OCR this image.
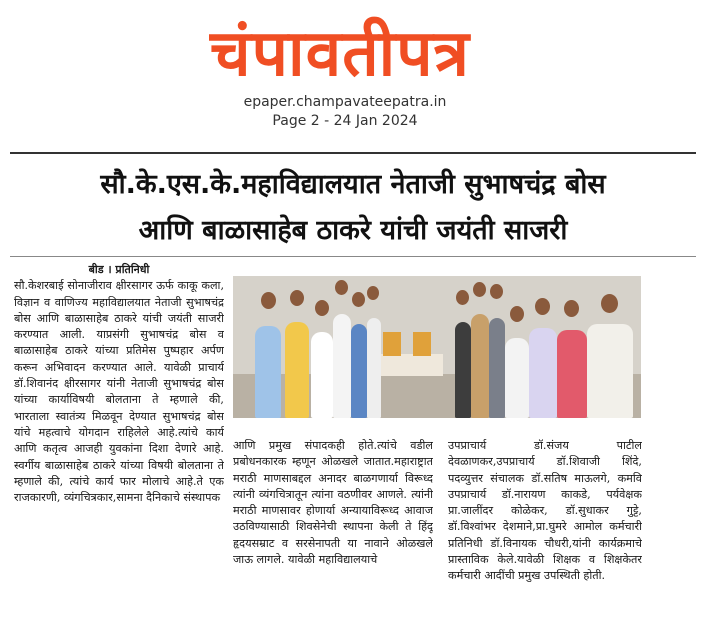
चंपावतीपत्र
epaper.champavateepatra.in
Page 2 - 24 Jan 2024
सौ.के.एस.के.महाविद्यालयात नेताजी सुभाषचंद्र बोस
आणि बाळासाहेब ठाकरे यांची जयंती साजरी
बीड । प्रतिनिधी
सौ.केशरबाई सोनाजीराव क्षीरसागर ऊर्फ काकू कला, विज्ञान व वाणिज्य महाविद्यालयात नेताजी सुभाषचंद्र बोस आणि बाळासाहेब ठाकरे यांची जयंती साजरी करण्यात आली. याप्रसंगी सुभाषचंद्र बोस व बाळासाहेब ठाकरे यांच्या प्रतिमेस पुष्पहार अर्पण करून अभिवादन करण्यात आले. यावेळी प्राचार्य डॉ.शिवानंद क्षीरसागर यांनी नेताजी सुभाषचंद्र बोस यांच्या कार्याविषयी बोलताना ते म्हणाले की, भारताला स्वातंत्र्य मिळवून देण्यात सुभाषचंद्र बोस यांचे महत्वाचे योगदान राहिलेले आहे.त्यांचे कार्य आणि कतृत्व आजही युवकांना दिशा देणारे आहे. स्वर्गीय बाळासाहेब ठाकरे यांच्या विषयी बोलताना ते म्हणाले की, त्यांचे कार्य फार मोलाचे आहे.ते एक राजकारणी, व्यंगचित्रकार,सामना दैनिकाचे संस्थापक
आणि प्रमुख संपादकही होते.त्यांचे वडील प्रबोधनकारक म्हणून ओळखले जातात.महाराष्ट्रात मराठी माणसाबद्दल अनादर बाळगणार्या विरूध्द त्यांनी व्यंगचित्रातून त्यांना वठणीवर आणले. त्यांनी मराठी माणसावर होणार्या अन्यायाविरूध्द आवाज उठविण्यासाठी शिवसेनेची स्थापना केली ते हिंदू हृदयसम्राट व सरसेनापती या नावाने ओळखले जाऊ लागले. यावेळी महाविद्यालयाचे
उपप्राचार्य डॉ.संजय पाटील देवळाणकर,उपप्राचार्य डॉ.शिवाजी शिंदे, पदव्युत्तर संचालक डॉ.सतिष माऊलगे, कमवि उपप्राचार्य डॉ.नारायण काकडे, पर्यवेक्षक प्रा.जालींदर कोळेकर, डॉ.सुधाकर गुट्टे, डॉ.विश्वांभर देशमाने,प्रा.घुमरे आमोल कर्मचारी प्रतिनिधी डॉ.विनायक चौधरी,यांनी कार्यक्रमाचे प्रास्ताविक केले.यावेळी शिक्षक व शिक्षकेतर कर्मचारी आदींची प्रमुख उपस्थिती होती.
